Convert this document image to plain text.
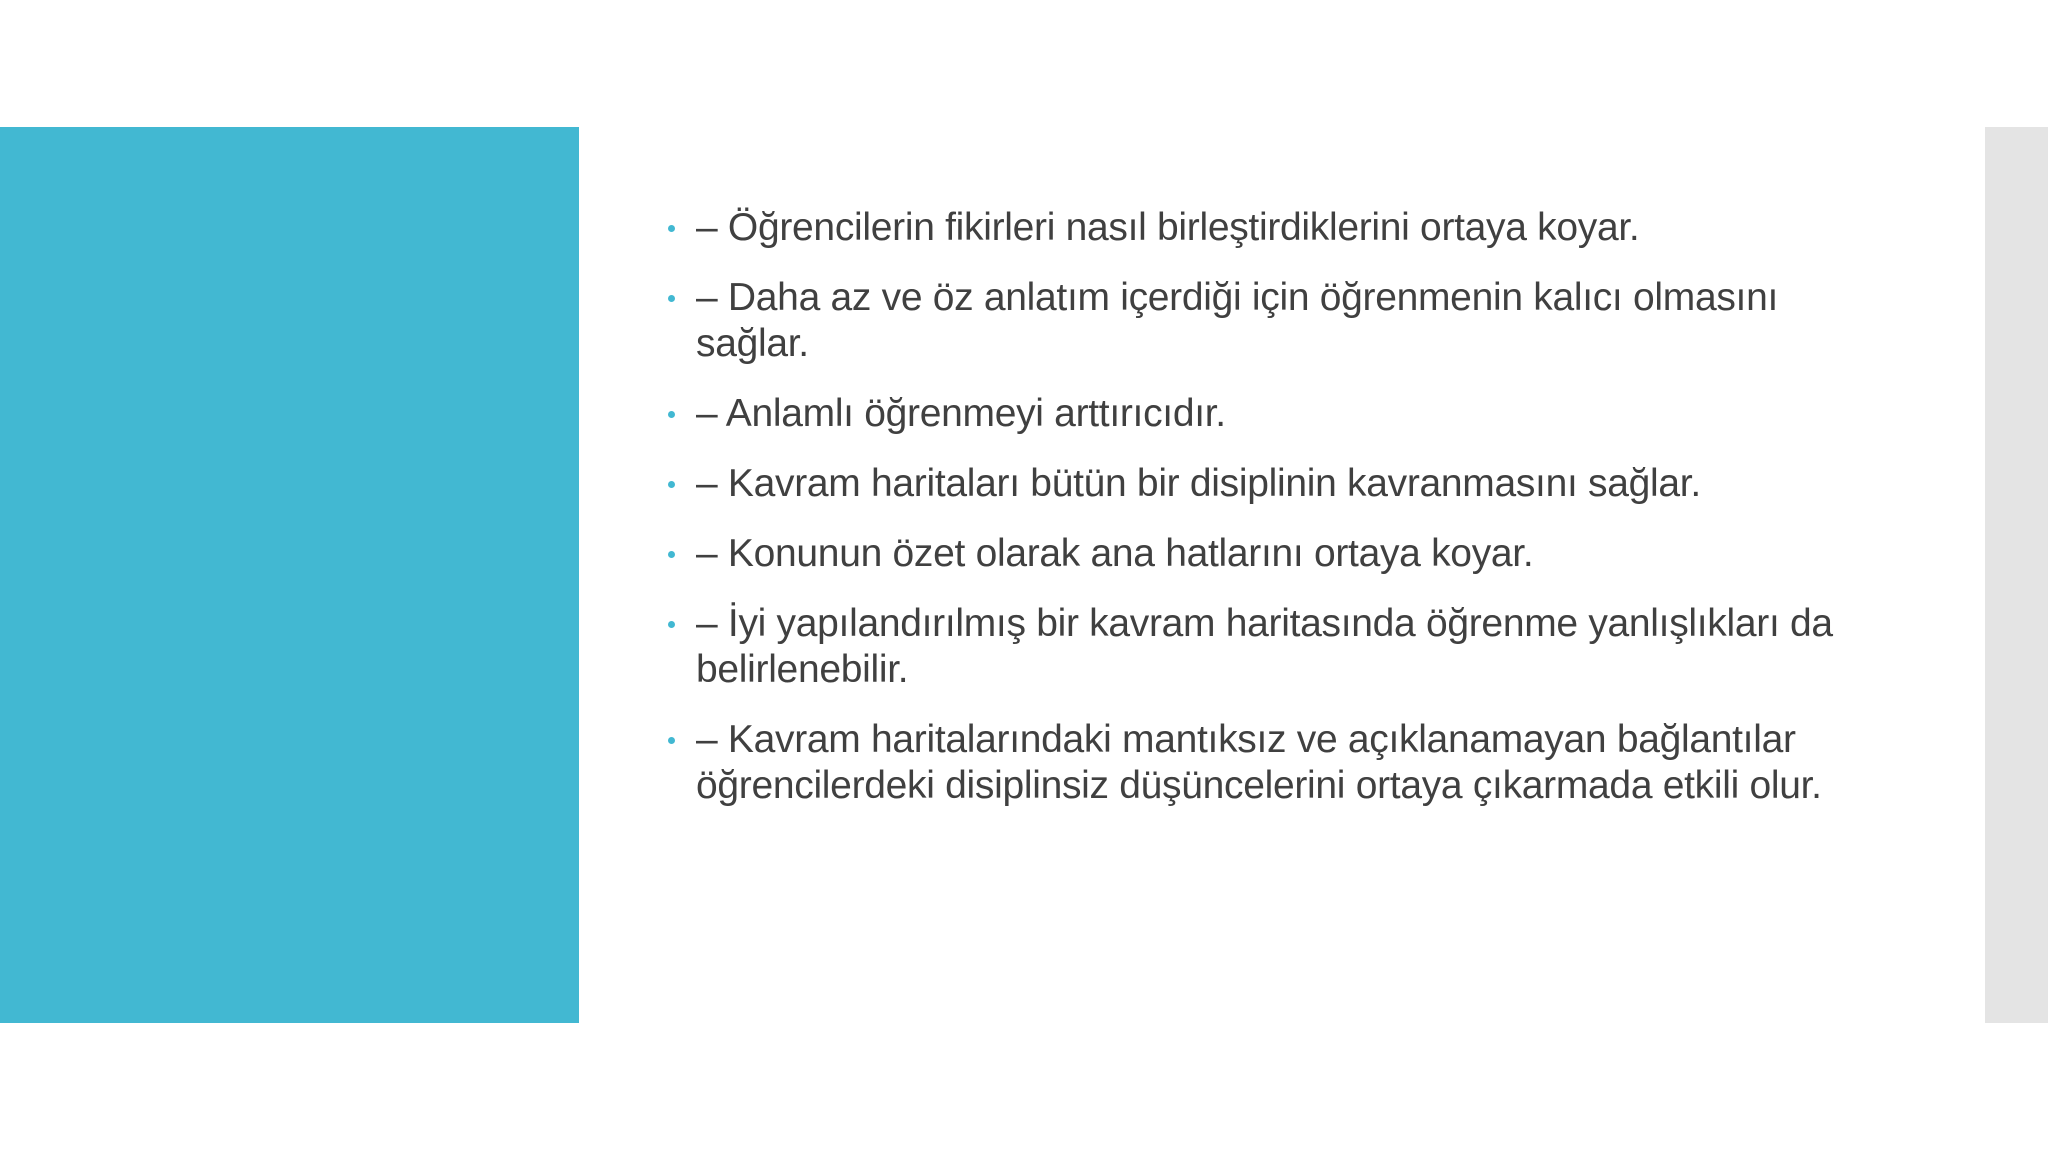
– Öğrencilerin fikirleri nasıl birleştirdiklerini ortaya koyar.
– Daha az ve öz anlatım içerdiği için öğrenmenin kalıcı olmasını sağlar.
– Anlamlı öğrenmeyi arttırıcıdır.
– Kavram haritaları bütün bir disiplinin kavranmasını sağlar.
– Konunun özet olarak ana hatlarını ortaya koyar.
– İyi yapılandırılmış bir kavram haritasında öğrenme yanlışlıkları da belirlenebilir.
– Kavram haritalarındaki mantıksız ve açıklanamayan bağlantılar öğrencilerdeki disiplinsiz düşüncelerini ortaya çıkarmada etkili olur.
